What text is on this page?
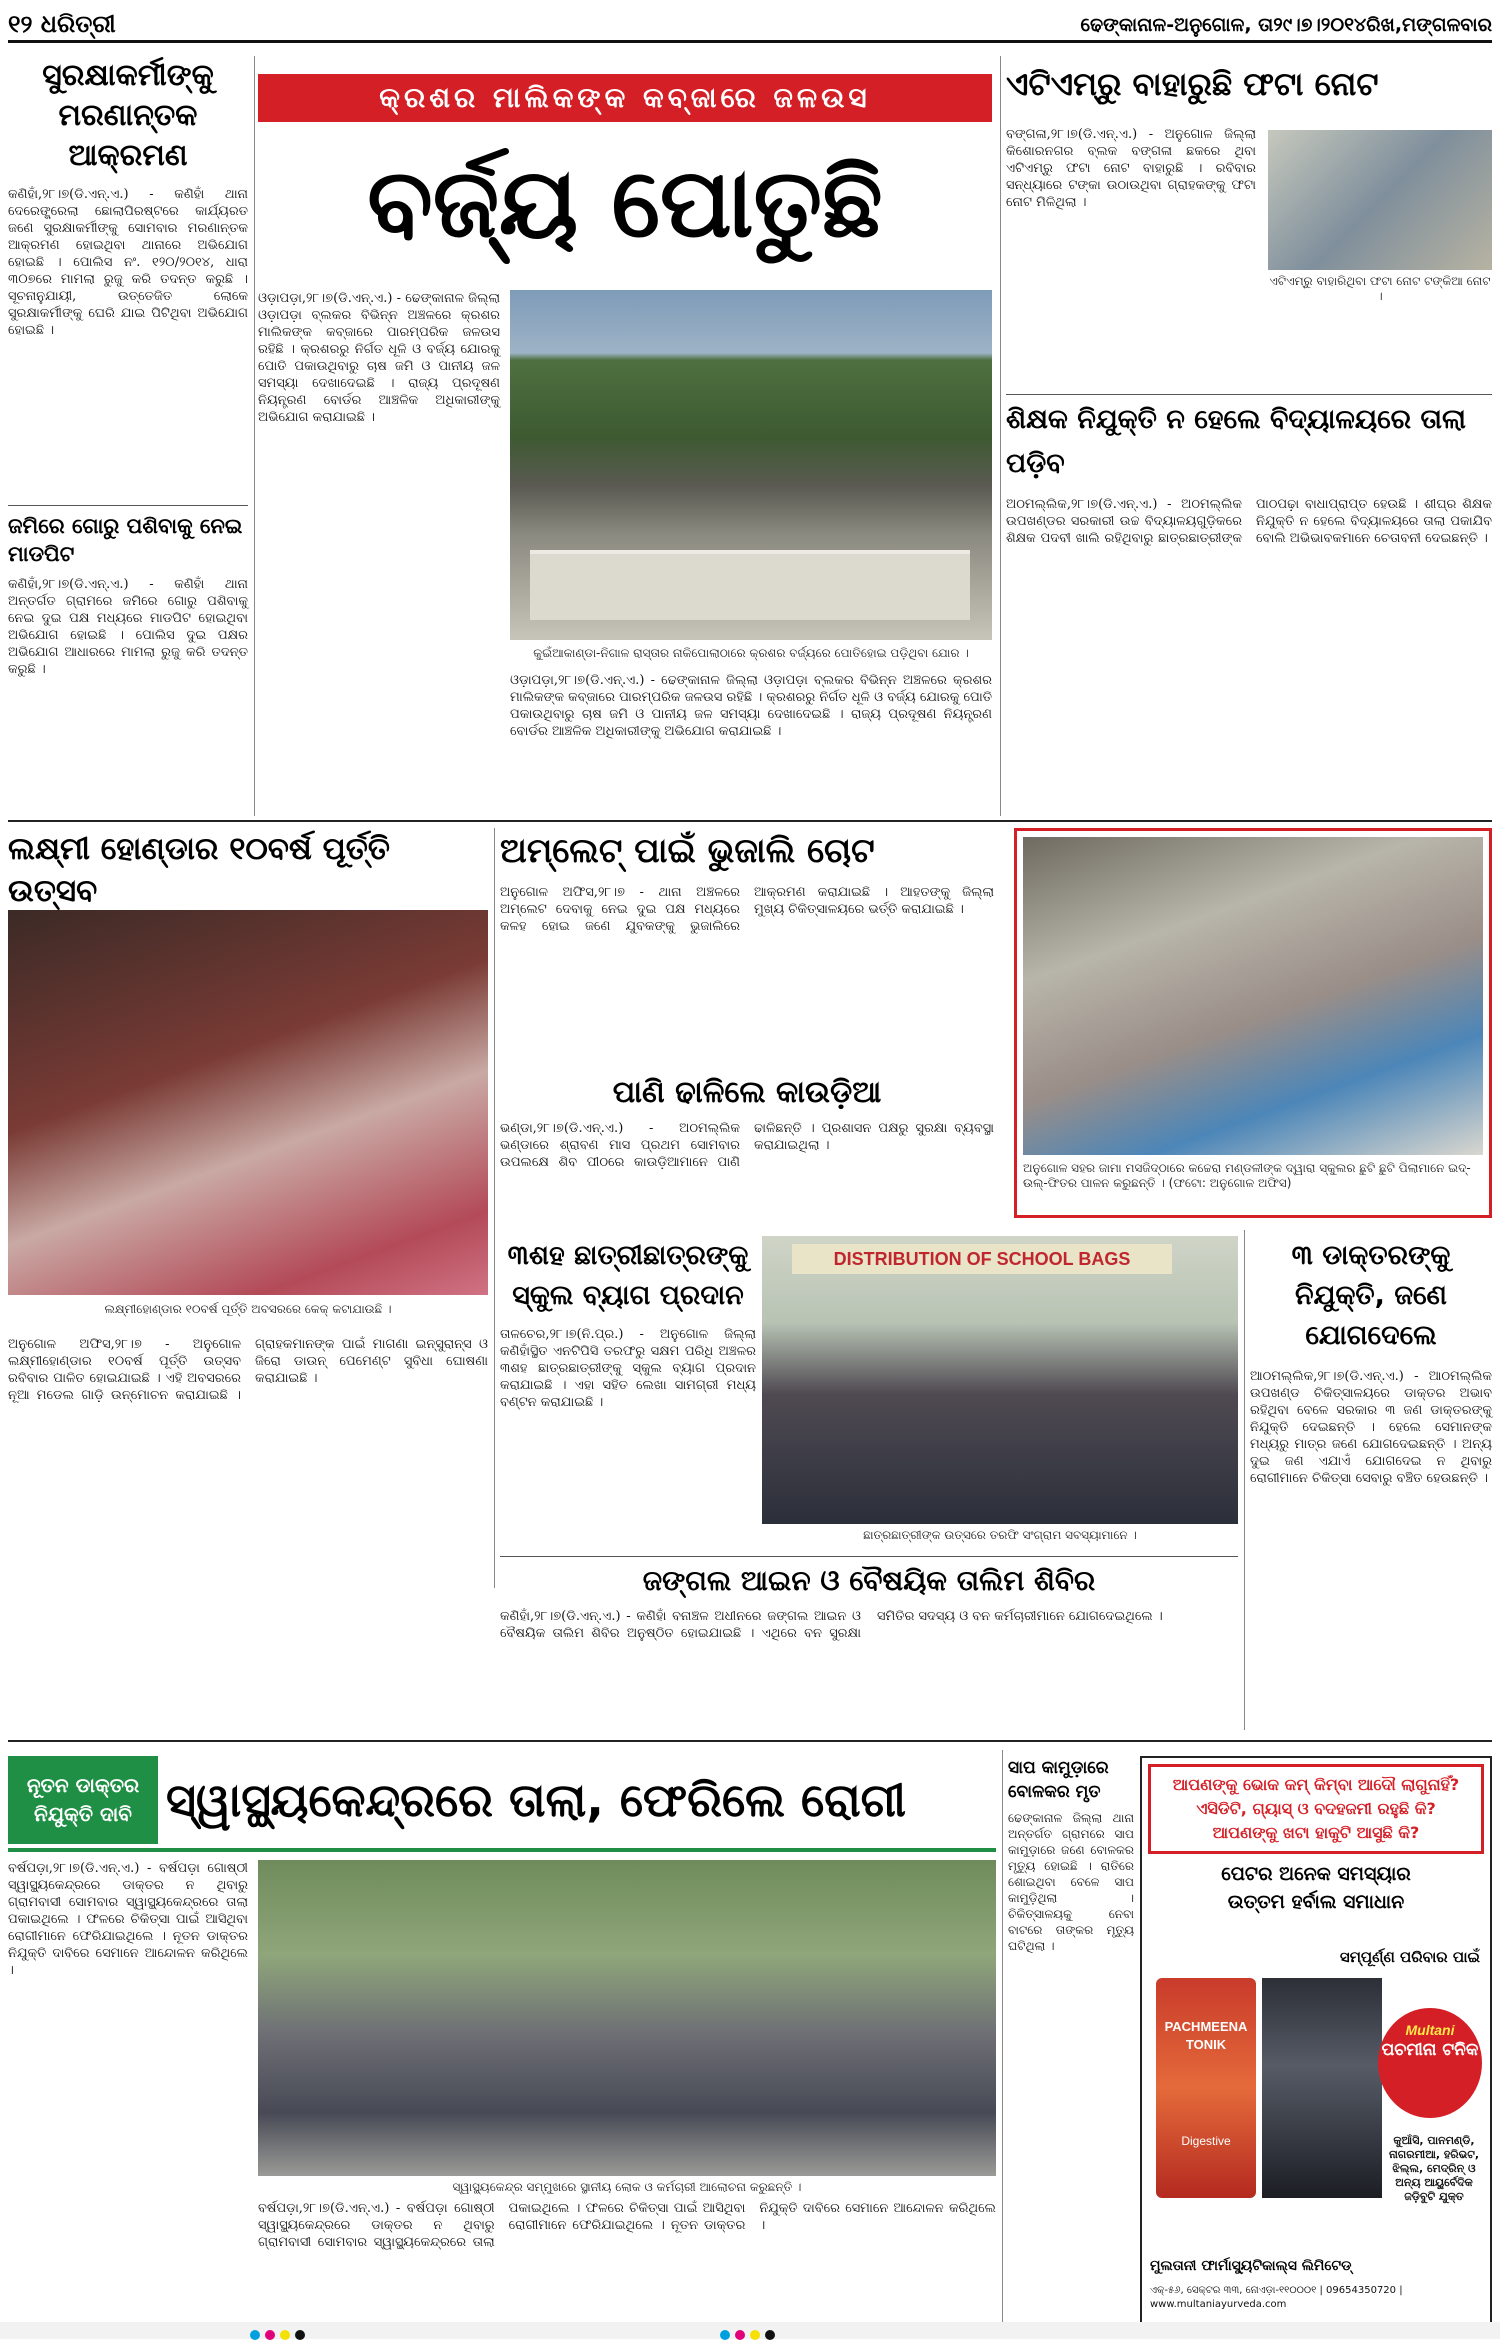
୧୨ ଧରିତ୍ରୀ	ଢେଙ୍କାନାଳ-ଅନୁଗୋଳ, ତା୨୯।୭।୨୦୧୪ରିଖ,ମଙ୍ଗଳବାର
ସୁରକ୍ଷାକର୍ମୀଙ୍କୁ ମରଣାନ୍ତକ ଆକ୍ରମଣ
କଣିହାଁ,୨୮।୭(ଡି.ଏନ୍.ଏ.) - କଣିହାଁ ଥାନା ଦେରେଙ୍ଗ୍ରେଲା ଛୋଲାପିରଷ୍ଟରେ କାର୍ଯ୍ୟରତ ଜଣେ ସୁରକ୍ଷାକର୍ମୀଙ୍କୁ ସୋମବାର ମରଣାନ୍ତକ ଆକ୍ରମଣ ହୋଇଥିବା ଥାନାରେ ଅଭିଯୋଗ ହୋଇଛି । ପୋଲିସ ନଂ. ୧୨୦/୨୦୧୪, ଧାରା ୩୦୭ରେ ମାମଲା ରୁଜୁ କରି ତଦନ୍ତ କରୁଛି । ସୂଚନାନୁଯାୟୀ, ଉତ୍ତେଜିତ ଲୋକେ ସୁରକ୍ଷାକର୍ମୀଙ୍କୁ ଘେରି ଯାଇ ପିଟିଥିବା ଅଭିଯୋଗ ହୋଇଛି ।
ଜମିରେ ଗୋରୁ ପଶିବାକୁ ନେଇ ମାଡପିଟ
କଣିହାଁ,୨୮।୭(ଡି.ଏନ୍.ଏ.) - କଣିହାଁ ଥାନା ଅନ୍ତର୍ଗତ ଗ୍ରାମରେ ଜମିରେ ଗୋରୁ ପଶିବାକୁ ନେଇ ଦୁଇ ପକ୍ଷ ମଧ୍ୟରେ ମାଡପିଟ ହୋଇଥିବା ଅଭିଯୋଗ ହୋଇଛି । ପୋଲିସ ଦୁଇ ପକ୍ଷର ଅଭିଯୋଗ ଆଧାରରେ ମାମଲା ରୁଜୁ କରି ତଦନ୍ତ କରୁଛି ।
କ୍ରଶର ମାଲିକଙ୍କ କବ୍ଜାରେ ଜଳଉସ
ବର୍ଜ୍ୟ ପୋତୁଛି
ଓଡ଼ାପଡ଼ା,୨୮।୭(ଡି.ଏନ୍.ଏ.) - ଢେଙ୍କାନାଳ ଜିଲ୍ଲା ଓଡ଼ାପଡ଼ା ବ୍ଲକର ବିଭିନ୍ନ ଅଞ୍ଚଳରେ କ୍ରଶର ମାଲିକଙ୍କ କବ୍ଜାରେ ପାରମ୍ପରିକ ଜଳଉସ ରହିଛି । କ୍ରଶରରୁ ନିର୍ଗତ ଧୂଳି ଓ ବର୍ଜ୍ୟ ଯୋରକୁ ପୋତି ପକାଉଥିବାରୁ ଚାଷ ଜମି ଓ ପାନୀୟ ଜଳ ସମସ୍ୟା ଦେଖାଦେଇଛି । ରାଜ୍ୟ ପ୍ରଦୂଷଣ ନିୟନ୍ତ୍ରଣ ବୋର୍ଡର ଆଞ୍ଚଳିକ ଅଧିକାରୀଙ୍କୁ ଅଭିଯୋଗ କରାଯାଇଛି ।
କୁଇଁଆକାଣ୍ଡା-ନିଗାଳ ରାସ୍ତାର ନାକିପୋଲାଠାରେ କ୍ରଶର ବର୍ଜ୍ୟରେ ପୋତିହୋଇ ପଡ଼ିଥିବା ଯୋର ।
ଓଡ଼ାପଡ଼ା,୨୮।୭(ଡି.ଏନ୍.ଏ.) - ଢେଙ୍କାନାଳ ଜିଲ୍ଲା ଓଡ଼ାପଡ଼ା ବ୍ଲକର ବିଭିନ୍ନ ଅଞ୍ଚଳରେ କ୍ରଶର ମାଲିକଙ୍କ କବ୍ଜାରେ ପାରମ୍ପରିକ ଜଳଉସ ରହିଛି । କ୍ରଶରରୁ ନିର୍ଗତ ଧୂଳି ଓ ବର୍ଜ୍ୟ ଯୋରକୁ ପୋତି ପକାଉଥିବାରୁ ଚାଷ ଜମି ଓ ପାନୀୟ ଜଳ ସମସ୍ୟା ଦେଖାଦେଇଛି । ରାଜ୍ୟ ପ୍ରଦୂଷଣ ନିୟନ୍ତ୍ରଣ ବୋର୍ଡର ଆଞ୍ଚଳିକ ଅଧିକାରୀଙ୍କୁ ଅଭିଯୋଗ କରାଯାଇଛି ।
ଏଟିଏମ୍‌ରୁ ବାହାରୁଛି ଫଟା ନୋଟ
ବଙ୍ଗଳା,୨୮।୭(ଡି.ଏନ୍.ଏ.) - ଅନୁଗୋଳ ଜିଲ୍ଲା କିଶୋରନଗର ବ୍ଲକ ବଙ୍ଗଳା ଛକରେ ଥିବା ଏଟିଏମ୍‌ରୁ ଫଟା ନୋଟ ବାହାରୁଛି । ରବିବାର ସନ୍ଧ୍ୟାରେ ଟଙ୍କା ଉଠାଉଥିବା ଗ୍ରାହକଙ୍କୁ ଫଟା ନୋଟ ମିଳିଥିଲା ।
ଏଟିଏମ୍‌ରୁ ବାହାରିଥିବା ଫଟା ନୋଟ ଟଙ୍କିଆ ନୋଟ ।
ଶିକ୍ଷକ ନିଯୁକ୍ତି ନ ହେଲେ ବିଦ୍ୟାଳୟରେ ତାଲା ପଡ଼ିବ
ଅଠମଲ୍ଲିକ,୨୮।୭(ଡି.ଏନ୍.ଏ.) - ଅଠମଲ୍ଲିକ ଉପଖଣ୍ଡର ସରକାରୀ ଉଚ୍ଚ ବିଦ୍ୟାଳୟଗୁଡ଼ିକରେ ଶିକ୍ଷକ ପଦବୀ ଖାଲି ରହିଥିବାରୁ ଛାତ୍ରଛାତ୍ରୀଙ୍କ ପାଠପଢ଼ା ବାଧାପ୍ରାପ୍ତ ହେଉଛି । ଶୀଘ୍ର ଶିକ୍ଷକ ନିଯୁକ୍ତି ନ ହେଲେ ବିଦ୍ୟାଳୟରେ ତାଲା ପକାଯିବ ବୋଲି ଅଭିଭାବକମାନେ ଚେତାବନୀ ଦେଇଛନ୍ତି ।
ଲକ୍ଷ୍ମୀ ହୋଣ୍ଡାର ୧୦ବର୍ଷ ପୂର୍ତ୍ତି ଉତ୍ସବ
ଲକ୍ଷ୍ମୀହୋଣ୍ଡାର ୧୦ବର୍ଷ ପୂର୍ତ୍ତି ଅବସରରେ କେକ୍ କଟାଯାଉଛି ।
ଅନୁଗୋଳ ଅଫିସ,୨୮।୭ - ଅନୁଗୋଳ ଲକ୍ଷ୍ମୀହୋଣ୍ଡାର ୧୦ବର୍ଷ ପୂର୍ତ୍ତି ଉତ୍ସବ ରବିବାର ପାଳିତ ହୋଇଯାଇଛି । ଏହି ଅବସରରେ ନୂଆ ମଡେଲ ଗାଡ଼ି ଉନ୍ମୋଚନ କରାଯାଇଛି । ଗ୍ରାହକମାନଙ୍କ ପାଇଁ ମାଗଣା ଇନ୍‌ସୁରାନ୍ସ ଓ ଜିରୋ ଡାଉନ୍ ପେମେଣ୍ଟ ସୁବିଧା ଘୋଷଣା କରାଯାଇଛି ।
ଅମ୍ଲେଟ୍ ପାଇଁ ଭୁଜାଲି ଚୋଟ
ଅନୁଗୋଳ ଅଫିସ,୨୮।୭ - ଥାନା ଅଞ୍ଚଳରେ ଅମ୍ଲେଟ ଦେବାକୁ ନେଇ ଦୁଇ ପକ୍ଷ ମଧ୍ୟରେ କଳହ ହୋଇ ଜଣେ ଯୁବକଙ୍କୁ ଭୁଜାଲିରେ ଆକ୍ରମଣ କରାଯାଇଛି । ଆହତଙ୍କୁ ଜିଲ୍ଲା ମୁଖ୍ୟ ଚିକିତ୍ସାଳୟରେ ଭର୍ତ୍ତି କରାଯାଇଛି ।
ପାଣି ଢାଳିଲେ କାଉଡ଼ିଆ
ଭଣ୍ଡା,୨୮।୭(ଡି.ଏନ୍.ଏ.) - ଅଠମଲ୍ଲିକ ଭଣ୍ଡାରେ ଶ୍ରାବଣ ମାସ ପ୍ରଥମ ସୋମବାର ଉପଲକ୍ଷେ ଶିବ ପୀଠରେ କାଉଡ଼ିଆମାନେ ପାଣି ଢାଳିଛନ୍ତି । ପ୍ରଶାସନ ପକ୍ଷରୁ ସୁରକ୍ଷା ବ୍ୟବସ୍ଥା କରାଯାଇଥିଲା ।
ଅନୁଗୋଳ ସହର ଜାମା ମସଜିଦ୍‌ଠାରେ କଚ୍ଚେରା ମଣ୍ଡଳୀଙ୍କ ଦ୍ୱାରା ସ୍କୁଲର ଛୁଟି ଛୁଟି ପିଲାମାନେ ଇଦ୍-ଉଲ୍-ଫିତର ପାଳନ କରୁଛନ୍ତି । (ଫଟୋ: ଅନୁଗୋଳ ଅଫିସ)
୩ଶହ ଛାତ୍ରୀଛାତ୍ରଙ୍କୁ ସ୍କୁଲ ବ୍ୟାଗ ପ୍ରଦାନ
ତାଳଚେର,୨୮।୭(ନି.ପ୍ର.) - ଅନୁଗୋଳ ଜିଲ୍ଲା କଣିହାଁସ୍ଥିତ ଏନଟିପିସି ତରଫରୁ ସକ୍ଷମ ପରିଧି ଅଞ୍ଚଳର ୩ଶହ ଛାତ୍ରଛାତ୍ରୀଙ୍କୁ ସ୍କୁଲ ବ୍ୟାଗ ପ୍ରଦାନ କରାଯାଇଛି । ଏହା ସହିତ ଲେଖା ସାମଗ୍ରୀ ମଧ୍ୟ ବଣ୍ଟନ କରାଯାଇଛି ।
DISTRIBUTION OF SCHOOL BAGS
ଛାତ୍ରଛାତ୍ରୀଙ୍କ ଉତ୍ସରେ ତରଫି ସଂଗ୍ରାମ ସବସ୍ୟାମାନେ ।
୩ ଡାକ୍ତରଙ୍କୁ ନିଯୁକ୍ତି, ଜଣେ ଯୋଗଦେଲେ
ଆଠମଲ୍ଲିକ,୨୮।୭(ଡି.ଏନ୍.ଏ.) - ଆଠମଲ୍ଲିକ ଉପଖଣ୍ଡ ଚିକିତ୍ସାଳୟରେ ଡାକ୍ତର ଅଭାବ ରହିଥିବା ବେଳେ ସରକାର ୩ ଜଣ ଡାକ୍ତରଙ୍କୁ ନିଯୁକ୍ତି ଦେଇଛନ୍ତି । ହେଲେ ସେମାନଙ୍କ ମଧ୍ୟରୁ ମାତ୍ର ଜଣେ ଯୋଗଦେଇଛନ୍ତି । ଅନ୍ୟ ଦୁଇ ଜଣ ଏଯାଏଁ ଯୋଗଦେଇ ନ ଥିବାରୁ ରୋଗୀମାନେ ଚିକିତ୍ସା ସେବାରୁ ବଞ୍ଚିତ ହେଉଛନ୍ତି ।
ଜଙ୍ଗଲ ଆଇନ ଓ ବୈଷୟିକ ତାଲିମ ଶିବିର
କଣିହାଁ,୨୮।୭(ଡି.ଏନ୍.ଏ.) - କଣିହାଁ ବନାଞ୍ଚଳ ଅଧୀନରେ ଜଙ୍ଗଲ ଆଇନ ଓ ବୈଷୟିକ ତାଲିମ ଶିବିର ଅନୁଷ୍ଠିତ ହୋଇଯାଇଛି । ଏଥିରେ ବନ ସୁରକ୍ଷା ସମିତିର ସଦସ୍ୟ ଓ ବନ କର୍ମଚାରୀମାନେ ଯୋଗଦେଇଥିଲେ ।
ନୂତନ ଡାକ୍ତର ନିଯୁକ୍ତି ଦାବି ସ୍ୱାସ୍ଥ୍ୟକେନ୍ଦ୍ରରେ ତାଲା, ଫେରିଲେ ରୋଗୀ
ବର୍ଷପଡ଼ା,୨୮।୭(ଡି.ଏନ୍.ଏ.) - ବର୍ଷପଡ଼ା ଗୋଷ୍ଠୀ ସ୍ୱାସ୍ଥ୍ୟକେନ୍ଦ୍ରରେ ଡାକ୍ତର ନ ଥିବାରୁ ଗ୍ରାମବାସୀ ସୋମବାର ସ୍ୱାସ୍ଥ୍ୟକେନ୍ଦ୍ରରେ ତାଲା ପକାଇଥିଲେ । ଫଳରେ ଚିକିତ୍ସା ପାଇଁ ଆସିଥିବା ରୋଗୀମାନେ ଫେରିଯାଇଥିଲେ । ନୂତନ ଡାକ୍ତର ନିଯୁକ୍ତି ଦାବିରେ ସେମାନେ ଆନ୍ଦୋଳନ କରିଥିଲେ ।
ସ୍ୱାସ୍ଥ୍ୟକେନ୍ଦ୍ର ସମ୍ମୁଖରେ ସ୍ଥାନୀୟ ଲୋକ ଓ କର୍ମଚାରୀ ଆଲୋଚନା କରୁଛନ୍ତି ।
ବର୍ଷପଡ଼ା,୨୮।୭(ଡି.ଏନ୍.ଏ.) - ବର୍ଷପଡ଼ା ଗୋଷ୍ଠୀ ସ୍ୱାସ୍ଥ୍ୟକେନ୍ଦ୍ରରେ ଡାକ୍ତର ନ ଥିବାରୁ ଗ୍ରାମବାସୀ ସୋମବାର ସ୍ୱାସ୍ଥ୍ୟକେନ୍ଦ୍ରରେ ତାଲା ପକାଇଥିଲେ । ଫଳରେ ଚିକିତ୍ସା ପାଇଁ ଆସିଥିବା ରୋଗୀମାନେ ଫେରିଯାଇଥିଲେ । ନୂତନ ଡାକ୍ତର ନିଯୁକ୍ତି ଦାବିରେ ସେମାନେ ଆନ୍ଦୋଳନ କରିଥିଲେ ।
ସାପ କାମୁଡ଼ାରେ ବୋଳକର ମୃତ
ଢେଙ୍କାନାଳ ଜିଲ୍ଲା ଥାନା ଅନ୍ତର୍ଗତ ଗ୍ରାମରେ ସାପ କାମୁଡ଼ାରେ ଜଣେ ବୋଳକର ମୃତ୍ୟୁ ହୋଇଛି । ରାତିରେ ଶୋଇଥିବା ବେଳେ ସାପ କାମୁଡ଼ିଥିଲା । ଚିକିତ୍ସାଳୟକୁ ନେବା ବାଟରେ ତାଙ୍କର ମୃତ୍ୟୁ ଘଟିଥିଲା ।
ଆପଣଙ୍କୁ ଭୋକ କମ୍ କିମ୍ବା ଆଦୌ ଲାଗୁନାହିଁ?
ଏସିଡିଟି, ଗ୍ୟାସ୍ ଓ ବଦହଜମୀ ରହୁଛି କି?
ଆପଣଙ୍କୁ ଖଟା ହାକୁଟି ଆସୁଛି କି?
ପେଟର ଅନେକ ସମସ୍ୟାର
ଉତ୍ତମ ହର୍ବାଲ ସମାଧାନ
ସମ୍ପୂର୍ଣ୍ଣ ପରିବାର ପାଇଁ
PACHMEENA TONIK
Digestive
Multani
ପଚମୀନା ଟନିକ
କୁଆଁସି, ପାନମଣ୍ଡି, ନାଗରମୀଆ, ହରିଭଟ, ଝିଲ୍ଲ, ମେଦ୍‌ରିନ୍ ଓ ଅନ୍ୟ ଆୟୁର୍ବେଦିକ ଜଡ଼ିବୁଟି ଯୁକ୍ତ
ମୁଲତାନୀ ଫାର୍ମାସ୍ୟୁଟିକାଲ୍ସ ଲିମିଟେଡ୍
ଏକ୍-୫୬, ସେକ୍ଟର ୩୩, ନୋଏଡ଼ା-୧୧୦୦୦୧ | 09654350720 | www.multaniayurveda.com
